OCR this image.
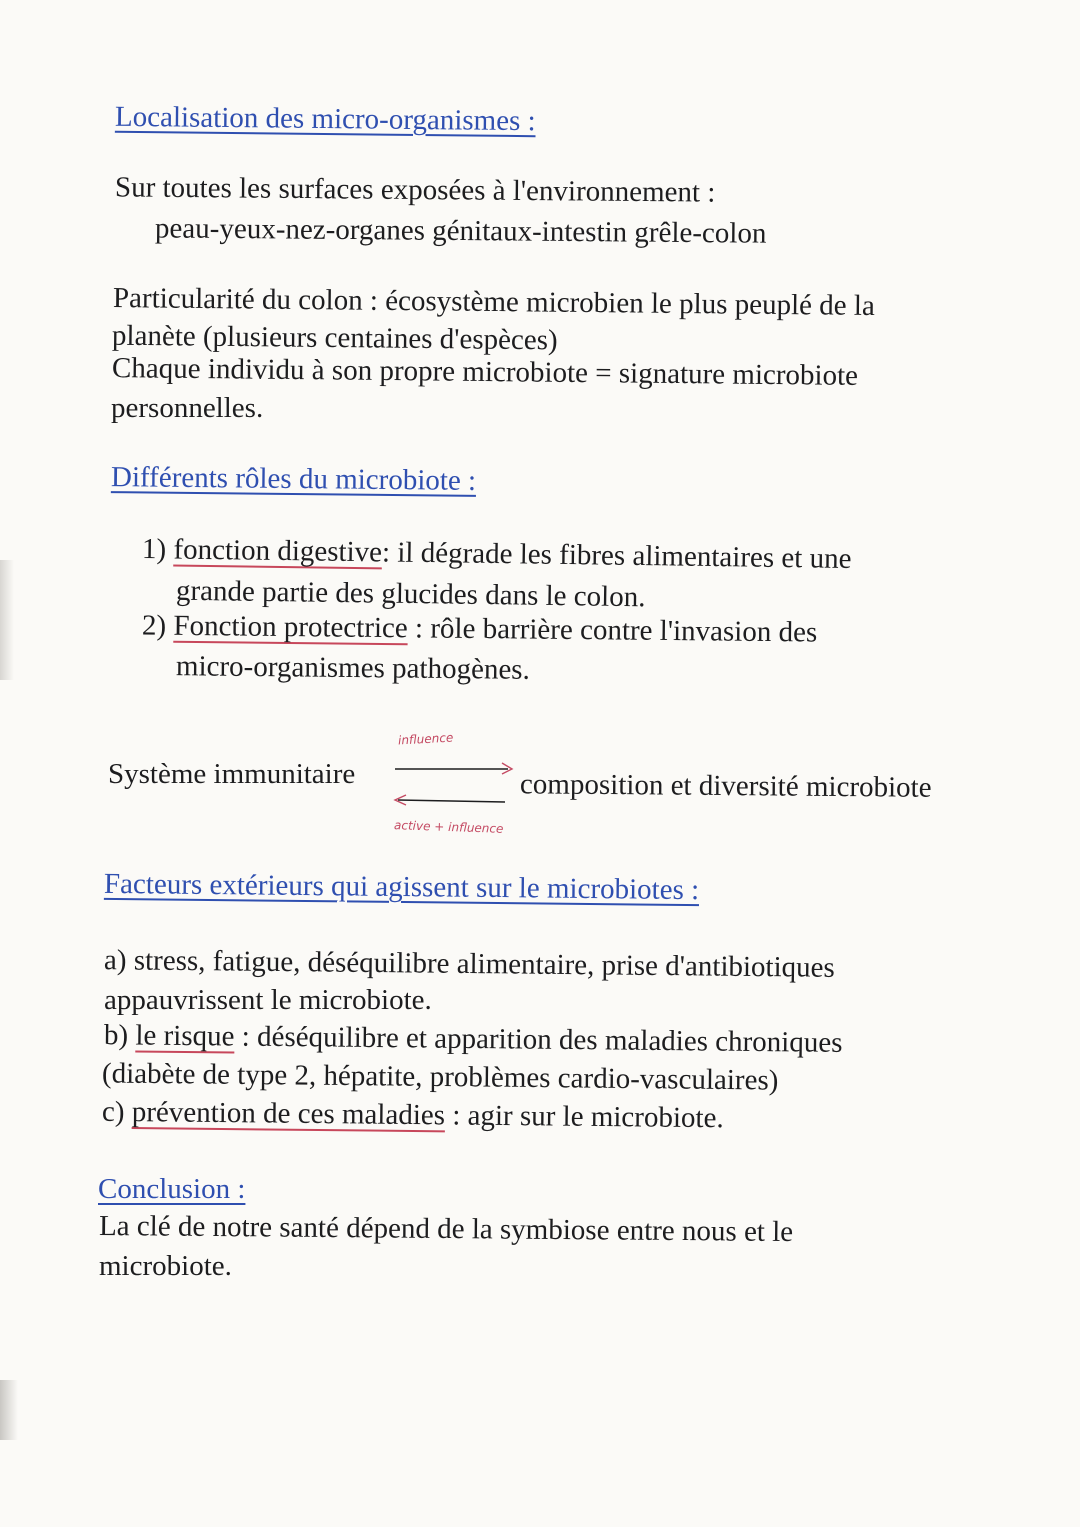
Localisation des micro-organismes :
Sur toutes les surfaces exposées à l'environnement :
peau-yeux-nez-organes génitaux-intestin grêle-colon
Particularité du colon : écosystème microbien le plus peuplé de la
planète (plusieurs centaines d'espèces)
Chaque individu à son propre microbiote = signature microbiote
personnelles.
Différents rôles du microbiote :
1) fonction digestive: il dégrade les fibres alimentaires et une
grande partie des glucides dans le colon.
2) Fonction protectrice : rôle barrière contre l'invasion des
micro-organismes pathogènes.
Système immunitaire
influence
composition et diversité microbiote
active + influence
Facteurs extérieurs qui agissent sur le microbiotes :
a) stress, fatigue, déséquilibre alimentaire, prise d'antibiotiques
appauvrissent le microbiote.
b) le risque : déséquilibre et apparition des maladies chroniques
(diabète de type 2, hépatite, problèmes cardio-vasculaires)
c) prévention de ces maladies : agir sur le microbiote.
Conclusion :
La clé de notre santé dépend de la symbiose entre nous et le
microbiote.
